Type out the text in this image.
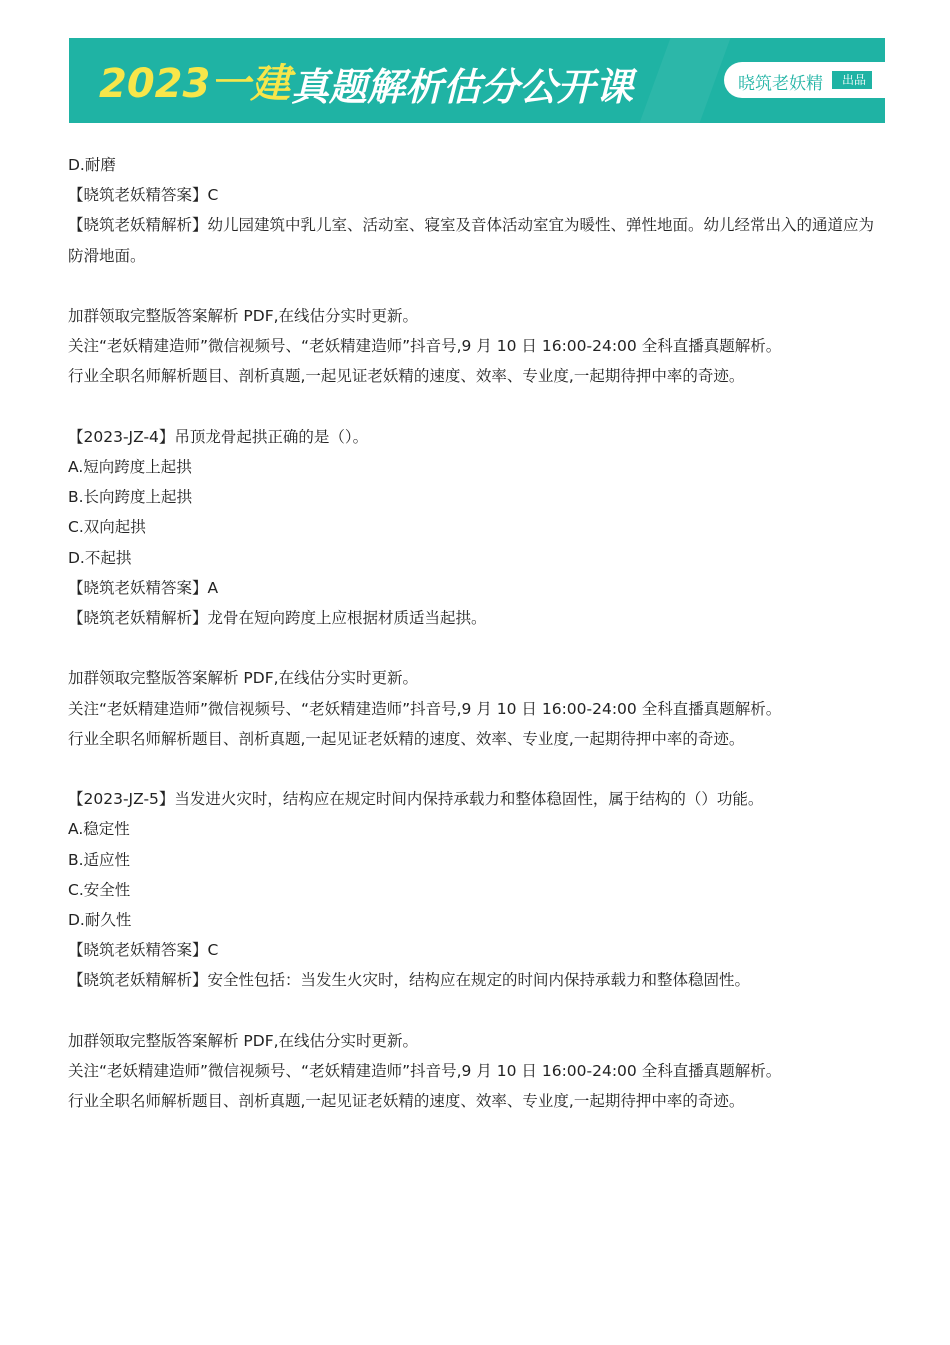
2023一建 真题解析估分公开课	晓筑老妖精	出品

D.耐磨

【晓筑老妖精答案】C

【晓筑老妖精解析】幼儿园建筑中乳儿室、活动室、寝室及音体活动室宜为暖性、弹性地面。幼儿经常出入的通道应为防滑地面。

加群领取完整版答案解析 PDF,在线估分实时更新。

关注“老妖精建造师”微信视频号、“老妖精建造师”抖音号,9 月 10 日 16:00-24:00 全科直播真题解析。

行业全职名师解析题目、剖析真题,一起见证老妖精的速度、效率、专业度,一起期待押中率的奇迹。

【2023-JZ-4】吊顶龙骨起拱正确的是（）。

A.短向跨度上起拱

B.长向跨度上起拱

C.双向起拱

D.不起拱

【晓筑老妖精答案】A

【晓筑老妖精解析】龙骨在短向跨度上应根据材质适当起拱。

加群领取完整版答案解析 PDF,在线估分实时更新。

关注“老妖精建造师”微信视频号、“老妖精建造师”抖音号,9 月 10 日 16:00-24:00 全科直播真题解析。

行业全职名师解析题目、剖析真题,一起见证老妖精的速度、效率、专业度,一起期待押中率的奇迹。

【2023-JZ-5】当发进火灾时，结构应在规定时间内保持承载力和整体稳固性，属于结构的（）功能。

A.稳定性

B.适应性

C.安全性

D.耐久性

【晓筑老妖精答案】C

【晓筑老妖精解析】安全性包括：当发生火灾时，结构应在规定的时间内保持承载力和整体稳固性。

加群领取完整版答案解析 PDF,在线估分实时更新。

关注“老妖精建造师”微信视频号、“老妖精建造师”抖音号,9 月 10 日 16:00-24:00 全科直播真题解析。

行业全职名师解析题目、剖析真题,一起见证老妖精的速度、效率、专业度,一起期待押中率的奇迹。
